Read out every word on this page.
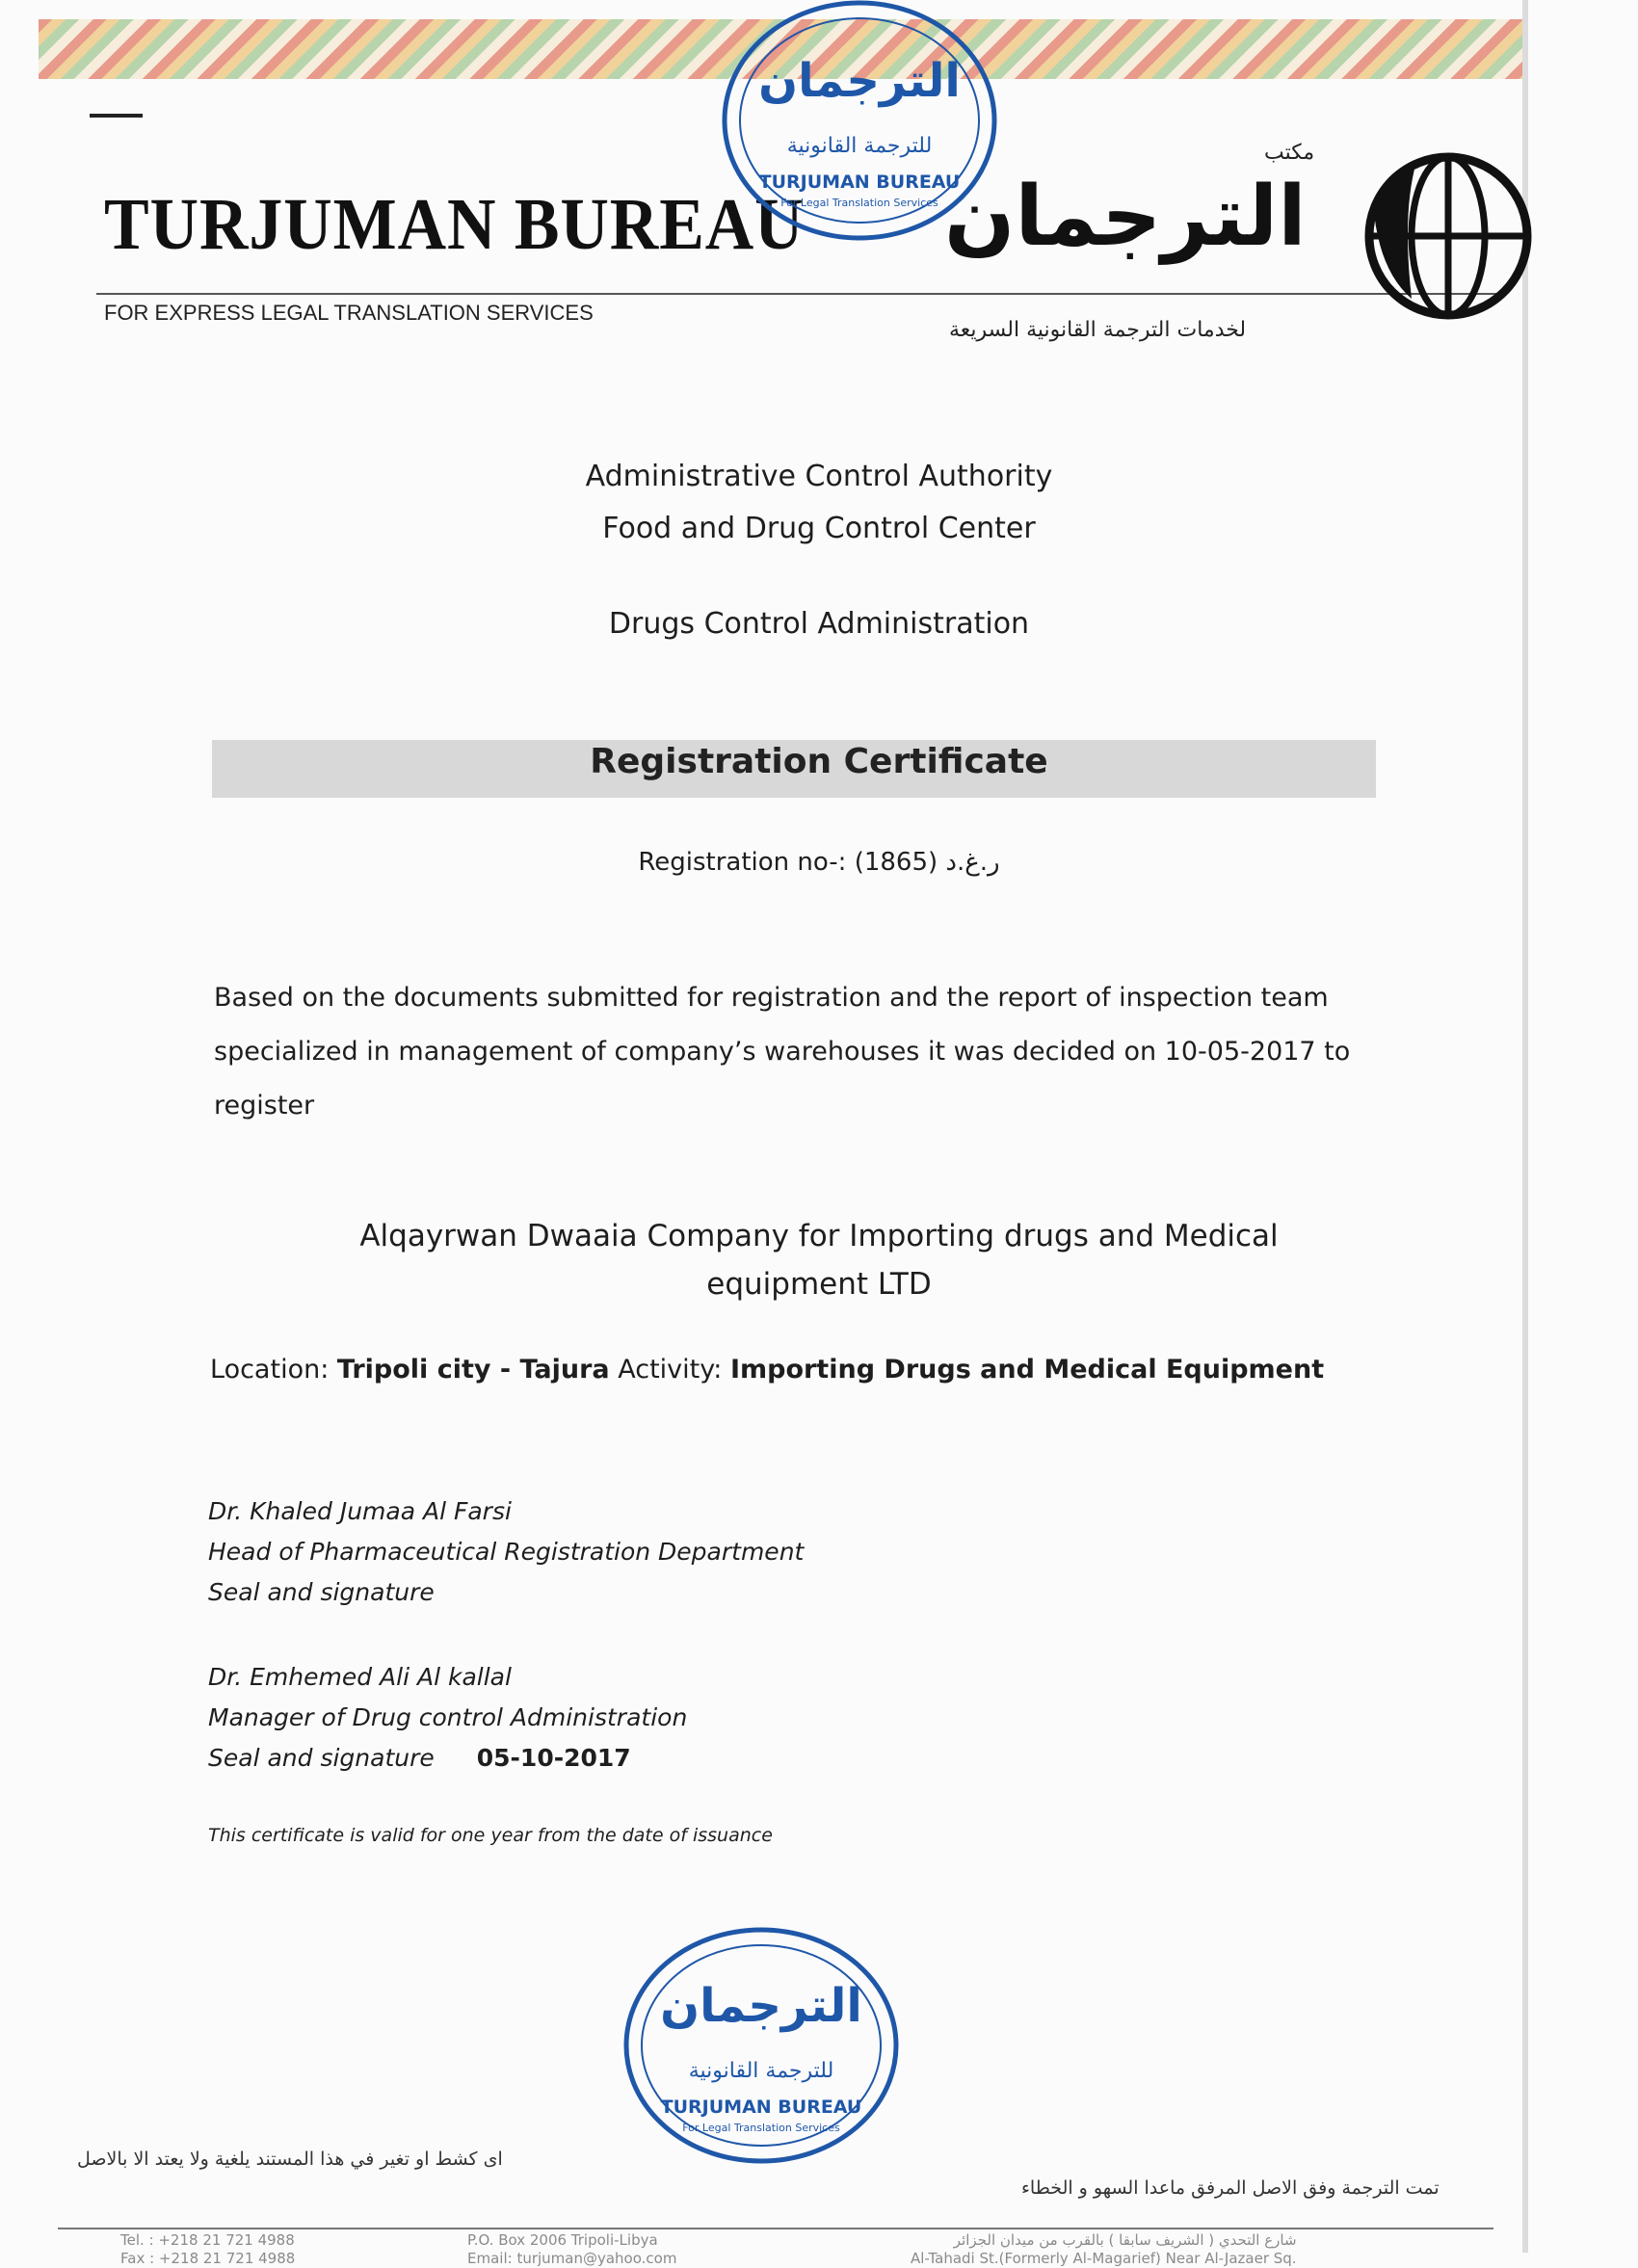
TURJUMAN BUREAU
FOR EXPRESS LEGAL TRANSLATION SERVICES
مكتب
الترجمان
لخدمات الترجمة القانونية السريعة
الترجمان
للترجمة القانونية
TURJUMAN BUREAU
For Legal Translation Services
Administrative Control Authority
Food and Drug Control Center
Drugs Control Administration
Registration Certificate
Registration no-: (1865) ر.غ.د
Based on the documents submitted for registration and the report of inspection team specialized in management of company’s warehouses it was decided on 10-05-2017 to register
Alqayrwan Dwaaia Company for Importing drugs and Medical
equipment LTD
Location: Tripoli city - Tajura Activity: Importing Drugs and Medical Equipment
Dr. Khaled Jumaa Al Farsi
Head of Pharmaceutical Registration Department
Seal and signature
Dr. Emhemed Ali Al kallal
Manager of Drug control Administration
Seal and signature 05-10-2017
This certificate is valid for one year from the date of issuance
الترجمان
للترجمة القانونية
TURJUMAN BUREAU
For Legal Translation Services
اى كشط او تغير في هذا المستند يلغية ولا يعتد الا بالاصل
تمت الترجمة وفق الاصل المرفق ماعدا السهو و الخطاء
Tel. : +218 21 721 4988
Fax : +218 21 721 4988
P.O. Box 2006 Tripoli-Libya
Email: turjuman@yahoo.com
شارع التحدي ( الشريف سابقا ) بالقرب من ميدان الجزائر
Al-Tahadi St.(Formerly Al-Magarief) Near Al-Jazaer Sq.
